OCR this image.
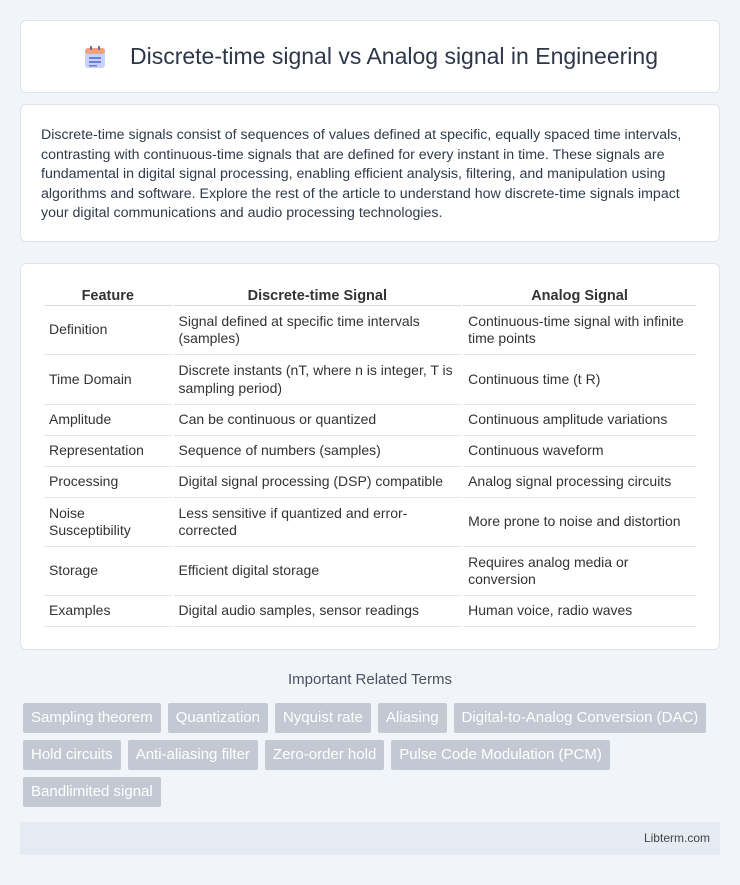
Discrete-time signal vs Analog signal in Engineering

Discrete-time signals consist of sequences of values defined at specific, equally spaced time intervals, contrasting with continuous-time signals that are defined for every instant in time. These signals are fundamental in digital signal processing, enabling efficient analysis, filtering, and manipulation using algorithms and software. Explore the rest of the article to understand how discrete-time signals impact your digital communications and audio processing technologies.

Feature	Discrete-time Signal	Analog Signal
Definition	Signal defined at specific time intervals (samples)	Continuous-time signal with infinite time points
Time Domain	Discrete instants (nT, where n is integer, T is sampling period)	Continuous time (t R)
Amplitude	Can be continuous or quantized	Continuous amplitude variations
Representation	Sequence of numbers (samples)	Continuous waveform
Processing	Digital signal processing (DSP) compatible	Analog signal processing circuits
Noise Susceptibility	Less sensitive if quantized and error-corrected	More prone to noise and distortion
Storage	Efficient digital storage	Requires analog media or conversion
Examples	Digital audio samples, sensor readings	Human voice, radio waves
Important Related Terms
Sampling theorem	Quantization	Nyquist rate	Aliasing	Digital-to-Analog Conversion (DAC)
Hold circuits	Anti-aliasing filter	Zero-order hold	Pulse Code Modulation (PCM)
Bandlimited signal
Libterm.com
